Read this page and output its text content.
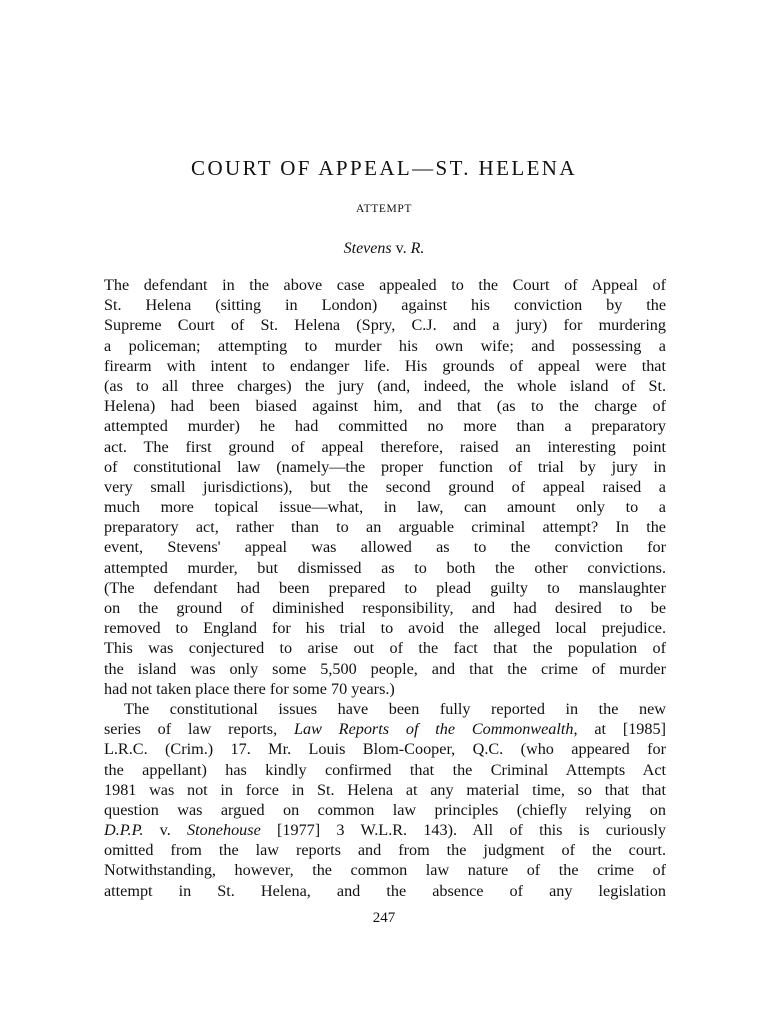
COURT OF APPEAL—ST. HELENA
ATTEMPT
Stevens v. R.
The defendant in the above case appealed to the Court of Appeal of
St. Helena (sitting in London) against his conviction by the
Supreme Court of St. Helena (Spry, C.J. and a jury) for murdering
a policeman; attempting to murder his own wife; and possessing a
firearm with intent to endanger life. His grounds of appeal were that
(as to all three charges) the jury (and, indeed, the whole island of St.
Helena) had been biased against him, and that (as to the charge of
attempted murder) he had committed no more than a preparatory
act. The first ground of appeal therefore, raised an interesting point
of constitutional law (namely—the proper function of trial by jury in
very small jurisdictions), but the second ground of appeal raised a
much more topical issue—what, in law, can amount only to a
preparatory act, rather than to an arguable criminal attempt? In the
event, Stevens' appeal was allowed as to the conviction for
attempted murder, but dismissed as to both the other convictions.
(The defendant had been prepared to plead guilty to manslaughter
on the ground of diminished responsibility, and had desired to be
removed to England for his trial to avoid the alleged local prejudice.
This was conjectured to arise out of the fact that the population of
the island was only some 5,500 people, and that the crime of murder
had not taken place there for some 70 years.)
The constitutional issues have been fully reported in the new
series of law reports, Law Reports of the Commonwealth, at [1985]
L.R.C. (Crim.) 17. Mr. Louis Blom-Cooper, Q.C. (who appeared for
the appellant) has kindly confirmed that the Criminal Attempts Act
1981 was not in force in St. Helena at any material time, so that that
question was argued on common law principles (chiefly relying on
D.P.P. v. Stonehouse [1977] 3 W.L.R. 143). All of this is curiously
omitted from the law reports and from the judgment of the court.
Notwithstanding, however, the common law nature of the crime of
attempt in St. Helena, and the absence of any legislation
247
